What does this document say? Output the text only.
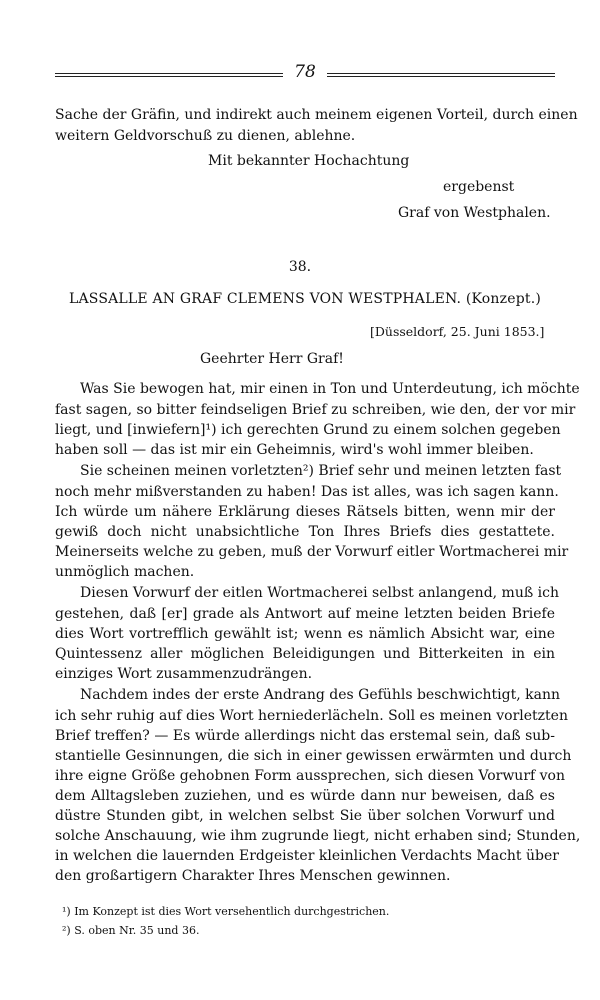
78
Sache der Gräfin, und indirekt auch meinem eigenen Vorteil, durch einen
weitern Geldvorschuß zu dienen, ablehne.
Mit bekannter Hochachtung
ergebenst
Graf von Westphalen.
38.
LASSALLE AN GRAF CLEMENS VON WESTPHALEN. (Konzept.)
[Düsseldorf, 25. Juni 1853.]
Geehrter Herr Graf!
Was Sie bewogen hat, mir einen in Ton und Unterdeutung, ich möchte
fast sagen, so bitter feindseligen Brief zu schreiben, wie den, der vor mir
liegt, und [inwiefern]¹) ich gerechten Grund zu einem solchen gegeben
haben soll — das ist mir ein Geheimnis, wird's wohl immer bleiben.
Sie scheinen meinen vorletzten²) Brief sehr und meinen letzten fast
noch mehr mißverstanden zu haben! Das ist alles, was ich sagen kann.
Ich würde um nähere Erklärung dieses Rätsels bitten, wenn mir der
gewiß doch nicht unabsichtliche Ton Ihres Briefs dies gestattete.
Meinerseits welche zu geben, muß der Vorwurf eitler Wortmacherei mir
unmöglich machen.
Diesen Vorwurf der eitlen Wortmacherei selbst anlangend, muß ich
gestehen, daß [er] grade als Antwort auf meine letzten beiden Briefe
dies Wort vortrefflich gewählt ist; wenn es nämlich Absicht war, eine
Quintessenz aller möglichen Beleidigungen und Bitterkeiten in ein
einziges Wort zusammenzudrängen.
Nachdem indes der erste Andrang des Gefühls beschwichtigt, kann
ich sehr ruhig auf dies Wort herniederlächeln. Soll es meinen vorletzten
Brief treffen? — Es würde allerdings nicht das erstemal sein, daß sub-
stantielle Gesinnungen, die sich in einer gewissen erwärmten und durch
ihre eigne Größe gehobnen Form aussprechen, sich diesen Vorwurf von
dem Alltagsleben zuziehen, und es würde dann nur beweisen, daß es
düstre Stunden gibt, in welchen selbst Sie über solchen Vorwurf und
solche Anschauung, wie ihm zugrunde liegt, nicht erhaben sind; Stunden,
in welchen die lauernden Erdgeister kleinlichen Verdachts Macht über
den großartigern Charakter Ihres Menschen gewinnen.
¹) Im Konzept ist dies Wort versehentlich durchgestrichen.
²) S. oben Nr. 35 und 36.
